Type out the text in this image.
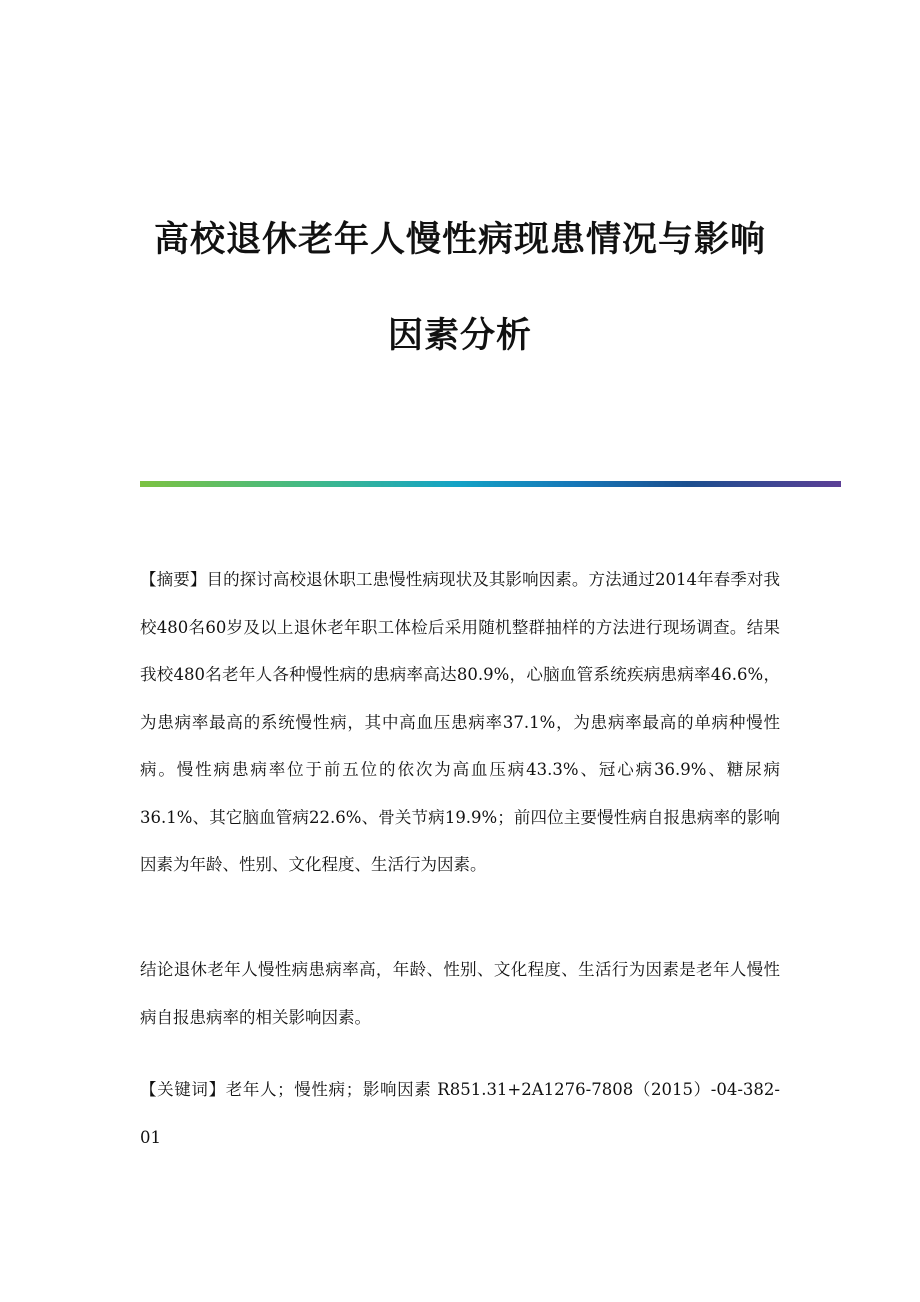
高校退休老年人慢性病现患情况与影响
因素分析

【摘要】目的探讨高校退休职工患慢性病现状及其影响因素。方法通过2014年春季对我校480名60岁及以上退休老年职工体检后采用随机整群抽样的方法进行现场调查。结果我校480名老年人各种慢性病的患病率高达80.9%，心脑血管系统疾病患病率46.6%，为患病率最高的系统慢性病，其中高血压患病率37.1%，为患病率最高的单病种慢性病。慢性病患病率位于前五位的依次为高血压病43.3%、冠心病36.9%、糖尿病36.1%、其它脑血管病22.6%、骨关节病19.9%；前四位主要慢性病自报患病率的影响因素为年龄、性别、文化程度、生活行为因素。

结论退休老年人慢性病患病率高，年龄、性别、文化程度、生活行为因素是老年人慢性病自报患病率的相关影响因素。

【关键词】老年人；慢性病；影响因素 R851.31+2A1276-7808（2015）-04-382-01
